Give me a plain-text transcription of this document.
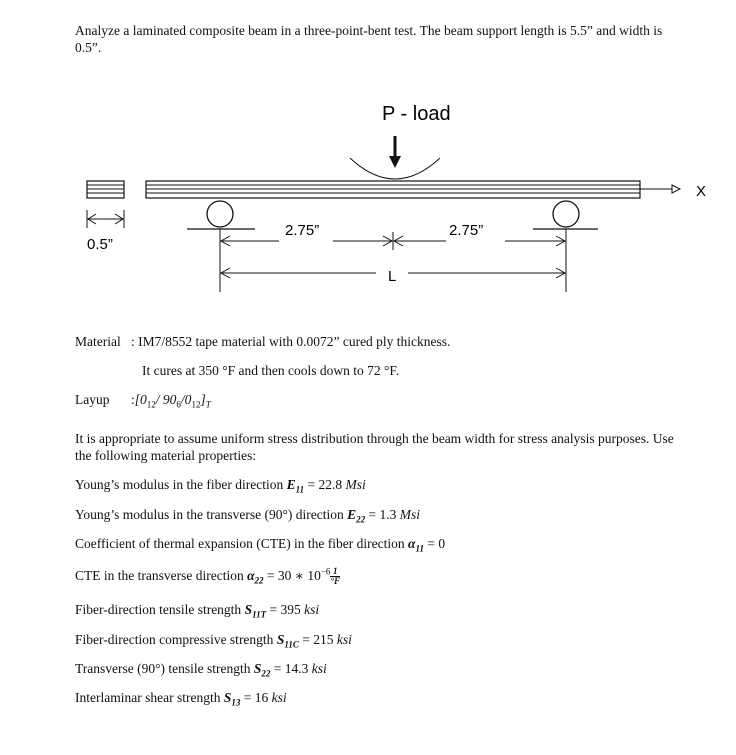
Analyze a laminated composite beam in a three-point-bent test. The beam support length is 5.5” and width is 0.5”.
P - load
0.5”
X
2.75”	2.75”
L
Material : IM7/8552 tape material with 0.0072” cured ply thickness.
It cures at 350 °F and then cools down to 72 °F.
Layup $:[0_{12}/$ $90_6/0_{12}]_T$
It is appropriate to assume uniform stress distribution through the beam width for stress analysis purposes. Use the following material properties:
Young’s modulus in the fiber direction $E_{11} = 22.8$ Msi
Young’s modulus in the transverse (90°) direction $E_{22} = 1.3$ Msi
Coefficient of thermal expansion (CTE) in the fiber direction $\alpha_{11} = 0$
CTE in the transverse direction $\alpha_{22} = 30$ ∗ $10^{-6} \frac{1}{^\circ F}$
Fiber-direction tensile strength $S_{11T} = 395$ ksi
Fiber-direction compressive strength $S_{11C} = 215$ ksi
Transverse (90°) tensile strength $S_{22} = 14.3$ ksi
Interlaminar shear strength $S_{13} = 16$ ksi
